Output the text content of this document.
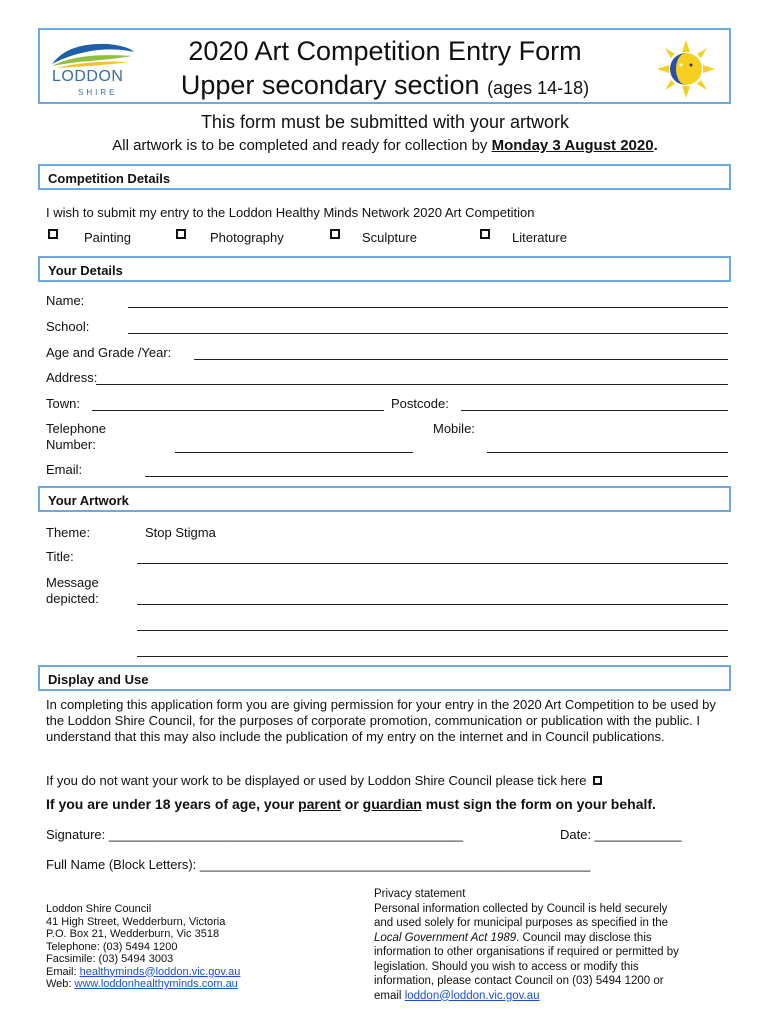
LODDON
SHIRE
2020 Art Competition Entry Form
Upper secondary section (ages 14-18)
This form must be submitted with your artwork
All artwork is to be completed and ready for collection by Monday 3 August 2020.
Competition Details
I wish to submit my entry to the Loddon Healthy Minds Network 2020 Art Competition
Painting	Photography	Sculpture	Literature
Your Details
Name:
School:
Age and Grade /Year:
Address:
Town:	Postcode:
Telephone
Number:
Mobile:
Email:
Your Artwork
Theme:	Stop Stigma
Title:
Message
depicted:
Display and Use
In completing this application form you are giving permission for your entry in the 2020 Art Competition to be used by the Loddon Shire Council, for the purposes of corporate promotion, communication or publication with the public. I understand that this may also include the publication of my entry on the internet and in Council publications.
If you do not want your work to be displayed or used by Loddon Shire Council please tick here
If you are under 18 years of age, your parent or guardian must sign the form on your behalf.
Signature: _________________________________________________	Date: ____________
Full Name (Block Letters): ______________________________________________________
Loddon Shire Council
41 High Street, Wedderburn, Victoria
P.O. Box 21, Wedderburn, Vic 3518
Telephone: (03) 5494 1200
Facsimile: (03) 5494 3003
Email: healthyminds@loddon.vic.gov.au
Web: www.loddonhealthyminds.com.au
Privacy statement
Personal information collected by Council is held securely
and used solely for municipal purposes as specified in the
Local Government Act 1989. Council may disclose this
information to other organisations if required or permitted by
legislation. Should you wish to access or modify this
information, please contact Council on (03) 5494 1200 or
email loddon@loddon.vic.gov.au
